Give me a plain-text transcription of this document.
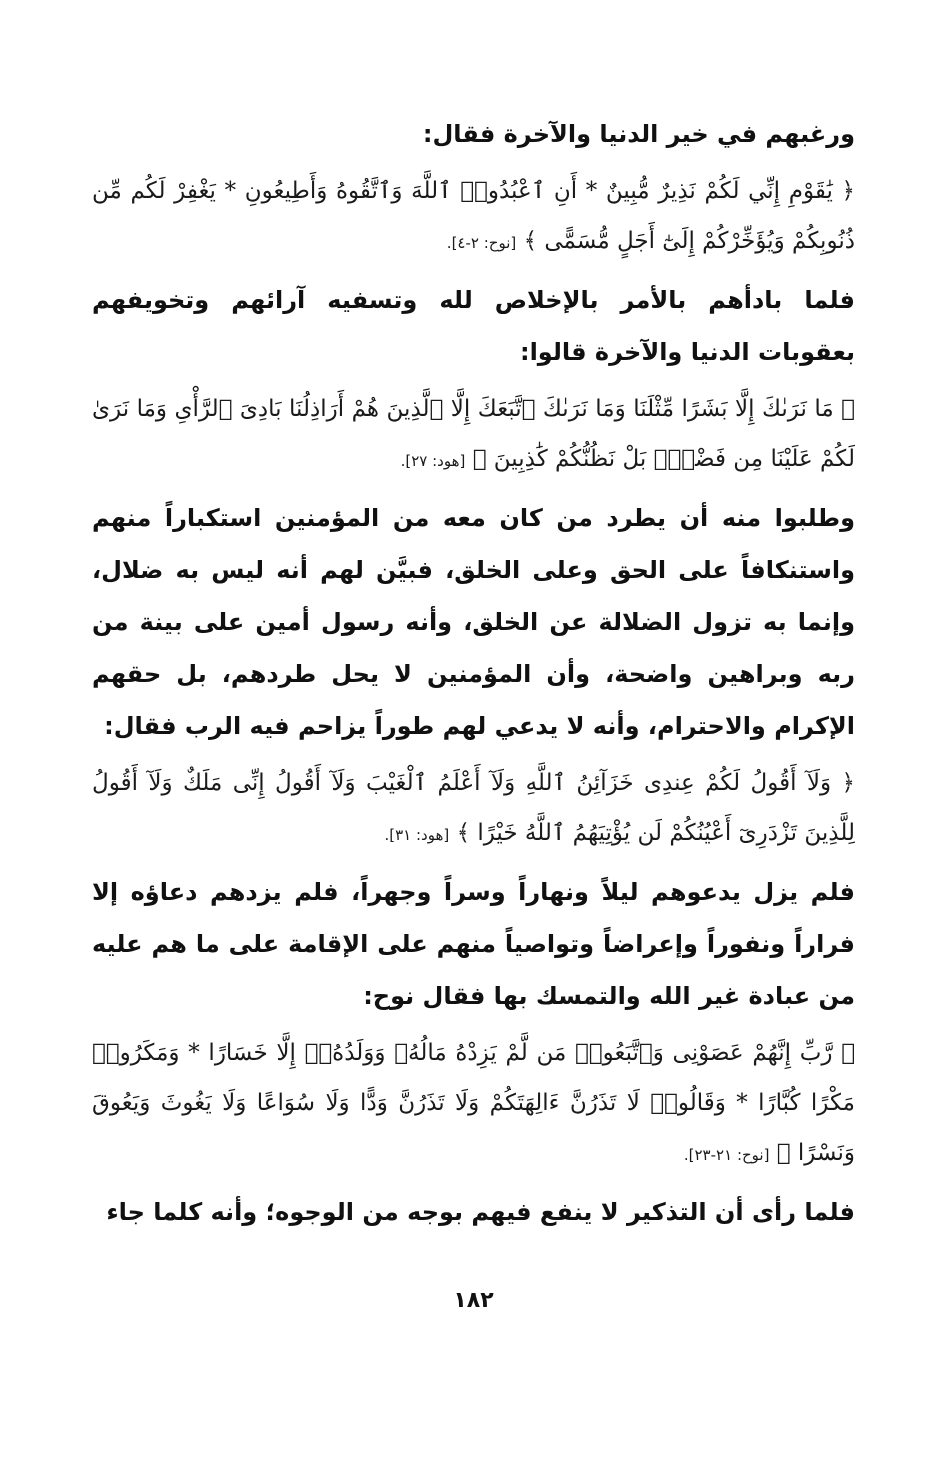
ورغبهم في خير الدنيا والآخرة فقال:

﴿ يَٰقَوْمِ إِنِّي لَكُمْ نَذِيرٌ مُّبِينٌ * أَنِ ٱعْبُدُوا۟ ٱللَّهَ وَٱتَّقُوهُ وَأَطِيعُونِ * يَغْفِرْ لَكُم مِّن ذُنُوبِكُمْ وَيُؤَخِّرْكُمْ إِلَىٰٓ أَجَلٍ مُّسَمًّى ﴾ [نوح: ٢-٤].

فلما بادأهم بالأمر بالإخلاص لله وتسفيه آرائهم وتخويفهم بعقوبات الدنيا والآخرة قالوا:

﴿ مَا نَرَىٰكَ إِلَّا بَشَرًا مِّثْلَنَا وَمَا نَرَىٰكَ ٱتَّبَعَكَ إِلَّا ٱلَّذِينَ هُمْ أَرَاذِلُنَا بَادِىَ ٱلرَّأْىِ وَمَا نَرَىٰ لَكُمْ عَلَيْنَا مِن فَضْلٍۭ بَلْ نَظُنُّكُمْ كَٰذِبِينَ ﴾ [هود: ٢٧].

وطلبوا منه أن يطرد من كان معه من المؤمنين استكباراً منهم واستنكافاً على الحق وعلى الخلق، فبيَّن لهم أنه ليس به ضلال، وإنما به تزول الضلالة عن الخلق، وأنه رسول أمين على بينة من ربه وبراهين واضحة، وأن المؤمنين لا يحل طردهم، بل حقهم الإكرام والاحترام، وأنه لا يدعي لهم طوراً يزاحم فيه الرب فقال:

﴿ وَلَآ أَقُولُ لَكُمْ عِندِى خَزَآئِنُ ٱللَّهِ وَلَآ أَعْلَمُ ٱلْغَيْبَ وَلَآ أَقُولُ إِنِّى مَلَكٌ وَلَآ أَقُولُ لِلَّذِينَ تَزْدَرِىٓ أَعْيُنُكُمْ لَن يُؤْتِيَهُمُ ٱللَّهُ خَيْرًا ﴾ [هود: ٣١].

فلم يزل يدعوهم ليلاً ونهاراً وسراً وجهراً، فلم يزدهم دعاؤه إلا فراراً ونفوراً وإعراضاً وتواصياً منهم على الإقامة على ما هم عليه من عبادة غير الله والتمسك بها فقال نوح:

﴿ رَّبِّ إِنَّهُمْ عَصَوْنِى وَٱتَّبَعُوا۟ مَن لَّمْ يَزِدْهُ مَالُهُۥ وَوَلَدُهُۥٓ إِلَّا خَسَارًا * وَمَكَرُوا۟ مَكْرًا كُبَّارًا * وَقَالُوا۟ لَا تَذَرُنَّ ءَالِهَتَكُمْ وَلَا تَذَرُنَّ وَدًّا وَلَا سُوَاعًا وَلَا يَغُوثَ وَيَعُوقَ وَنَسْرًا ﴾ [نوح: ٢١-٢٣].

فلما رأى أن التذكير لا ينفع فيهم بوجه من الوجوه؛ وأنه كلما جاء

١٨٢
